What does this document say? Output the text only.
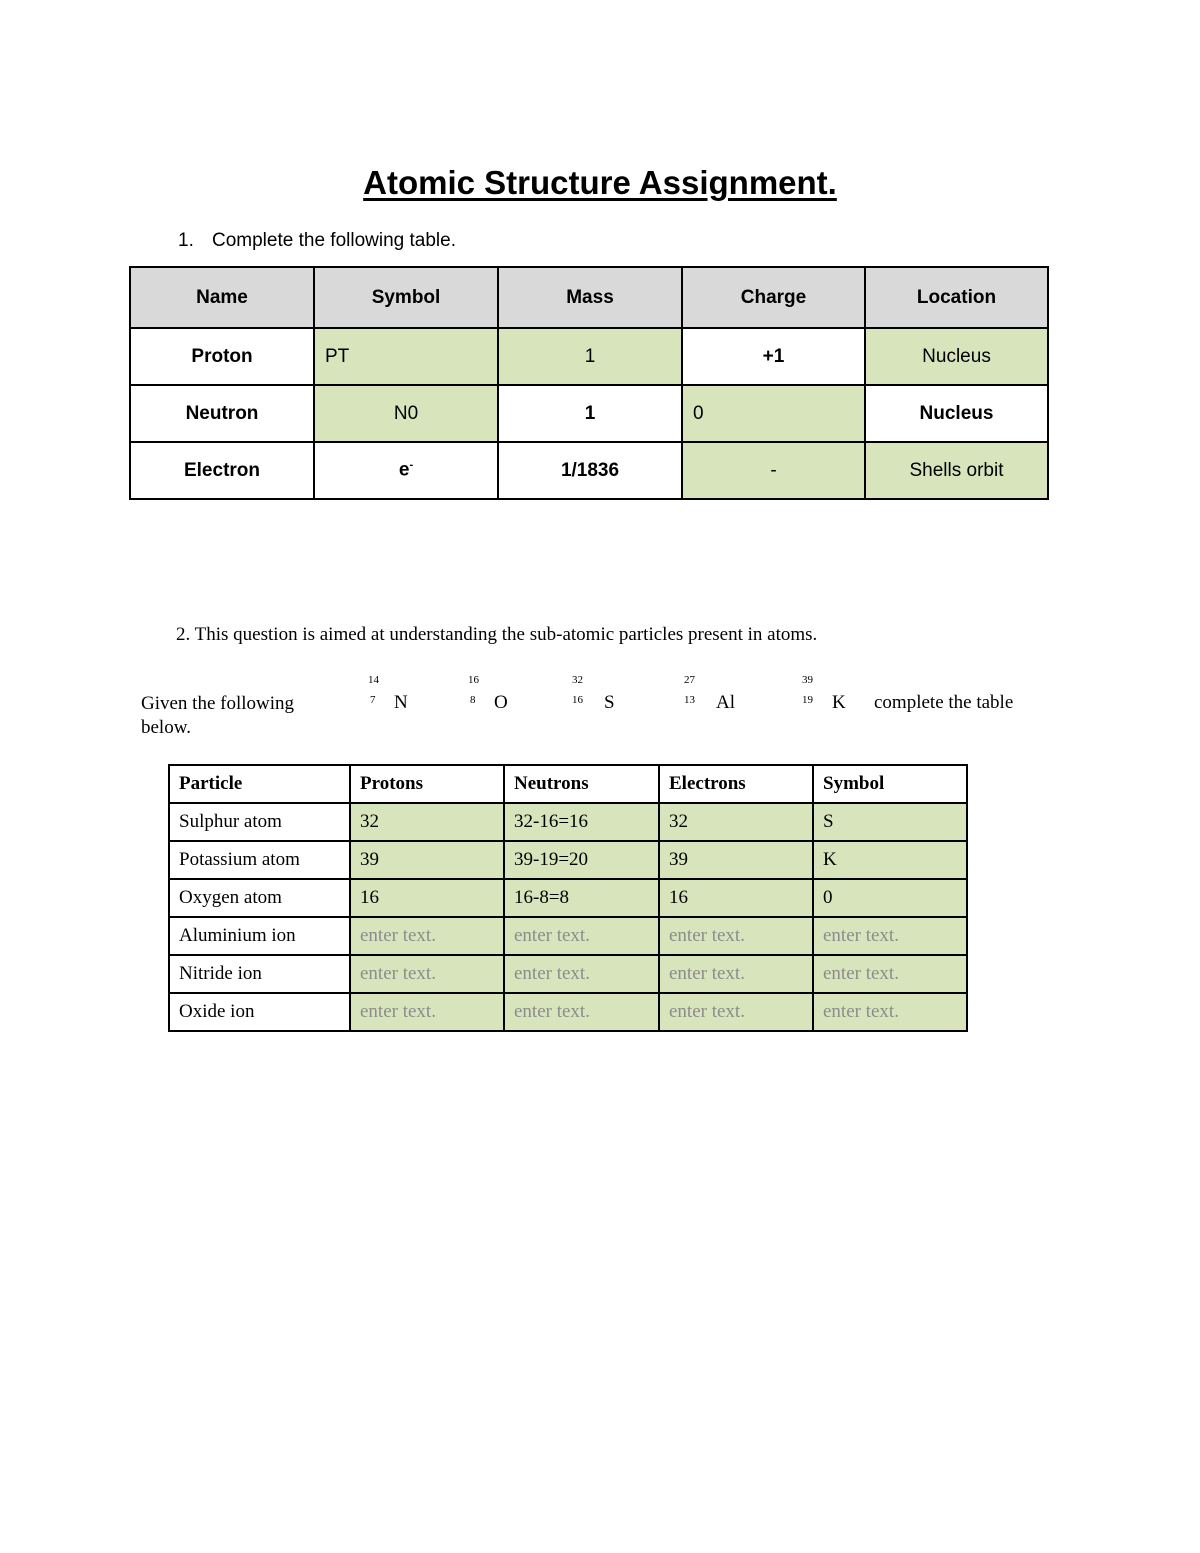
Atomic Structure Assignment.
1. Complete the following table.
Name	Symbol	Mass	Charge	Location
Proton	PT	1	+1	Nucleus
Neutron	N0	1	0	Nucleus
Electron	e-	1/1836	-	Shells orbit
2. This question is aimed at understanding the sub-atomic particles present in atoms.
Given the following
below.
14
7 N
16
8 O
32
16 S
27
13 Al
39
19 K complete the table
Particle	Protons	Neutrons	Electrons	Symbol
Sulphur atom	32	32-16=16	32	S
Potassium atom	39	39-19=20	39	K
Oxygen atom	16	16-8=8	16	0
Aluminium ion	enter text.	enter text.	enter text.	enter text.
Nitride ion	enter text.	enter text.	enter text.	enter text.
Oxide ion	enter text.	enter text.	enter text.	enter text.
